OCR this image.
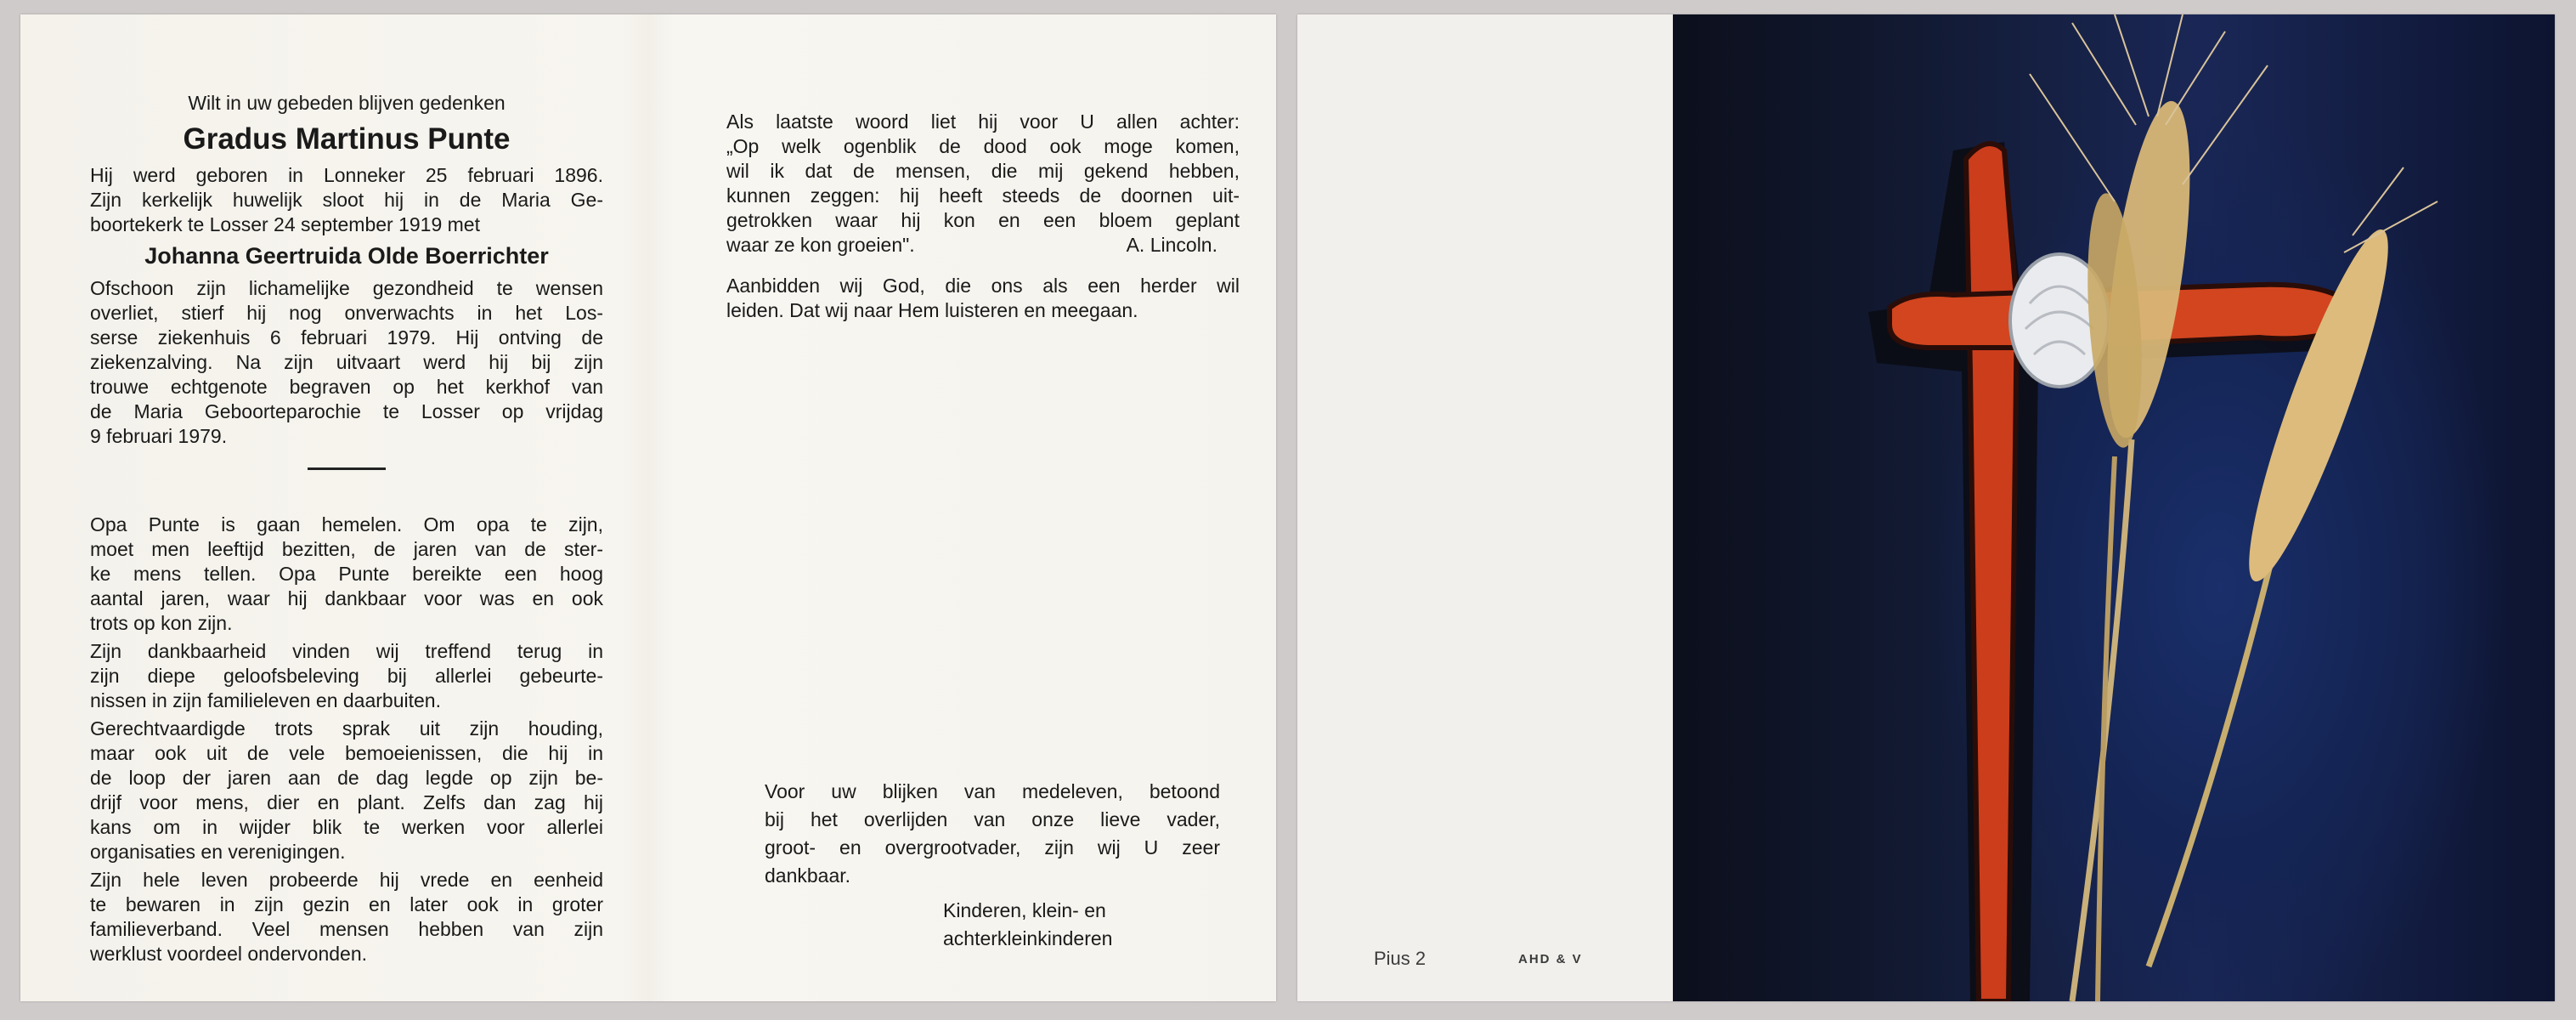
Wilt in uw gebeden blijven gedenken

Gradus Martinus Punte

Hij werd geboren in Lonneker 25 februari 1896.

Zijn kerkelijk huwelijk sloot hij in de Maria Ge-

boortekerk te Losser 24 september 1919 met

Johanna Geertruida Olde Boerrichter

Ofschoon zijn lichamelijke gezondheid te wensen

overliet, stierf hij nog onverwachts in het Los-

serse ziekenhuis 6 februari 1979. Hij ontving de

ziekenzalving. Na zijn uitvaart werd hij bij zijn

trouwe echtgenote begraven op het kerkhof van

de Maria Geboorteparochie te Losser op vrijdag

9 februari 1979.

Opa Punte is gaan hemelen. Om opa te zijn,

moet men leeftijd bezitten, de jaren van de ster-

ke mens tellen. Opa Punte bereikte een hoog

aantal jaren, waar hij dankbaar voor was en ook

trots op kon zijn.

Zijn dankbaarheid vinden wij treffend terug in

zijn diepe geloofsbeleving bij allerlei gebeurte-

nissen in zijn familieleven en daarbuiten.

Gerechtvaardigde trots sprak uit zijn houding,

maar ook uit de vele bemoeienissen, die hij in

de loop der jaren aan de dag legde op zijn be-

drijf voor mens, dier en plant. Zelfs dan zag hij

kans om in wijder blik te werken voor allerlei

organisaties en verenigingen.

Zijn hele leven probeerde hij vrede en eenheid

te bewaren in zijn gezin en later ook in groter

familieverband. Veel mensen hebben van zijn

werklust voordeel ondervonden.

Als laatste woord liet hij voor U allen achter:

„Op welk ogenblik de dood ook moge komen,

wil ik dat de mensen, die mij gekend hebben,

kunnen zeggen: hij heeft steeds de doornen uit-

getrokken waar hij kon en een bloem geplant

waar ze kon groeien".	A. Lincoln.

Aanbidden wij God, die ons als een herder wil

leiden. Dat wij naar Hem luisteren en meegaan.

Voor uw blijken van medeleven, betoond

bij het overlijden van onze lieve vader,

groot- en overgrootvader, zijn wij U zeer

dankbaar.

Kinderen, klein- en
achterkleinkinderen
Pius 2	AHD & V
